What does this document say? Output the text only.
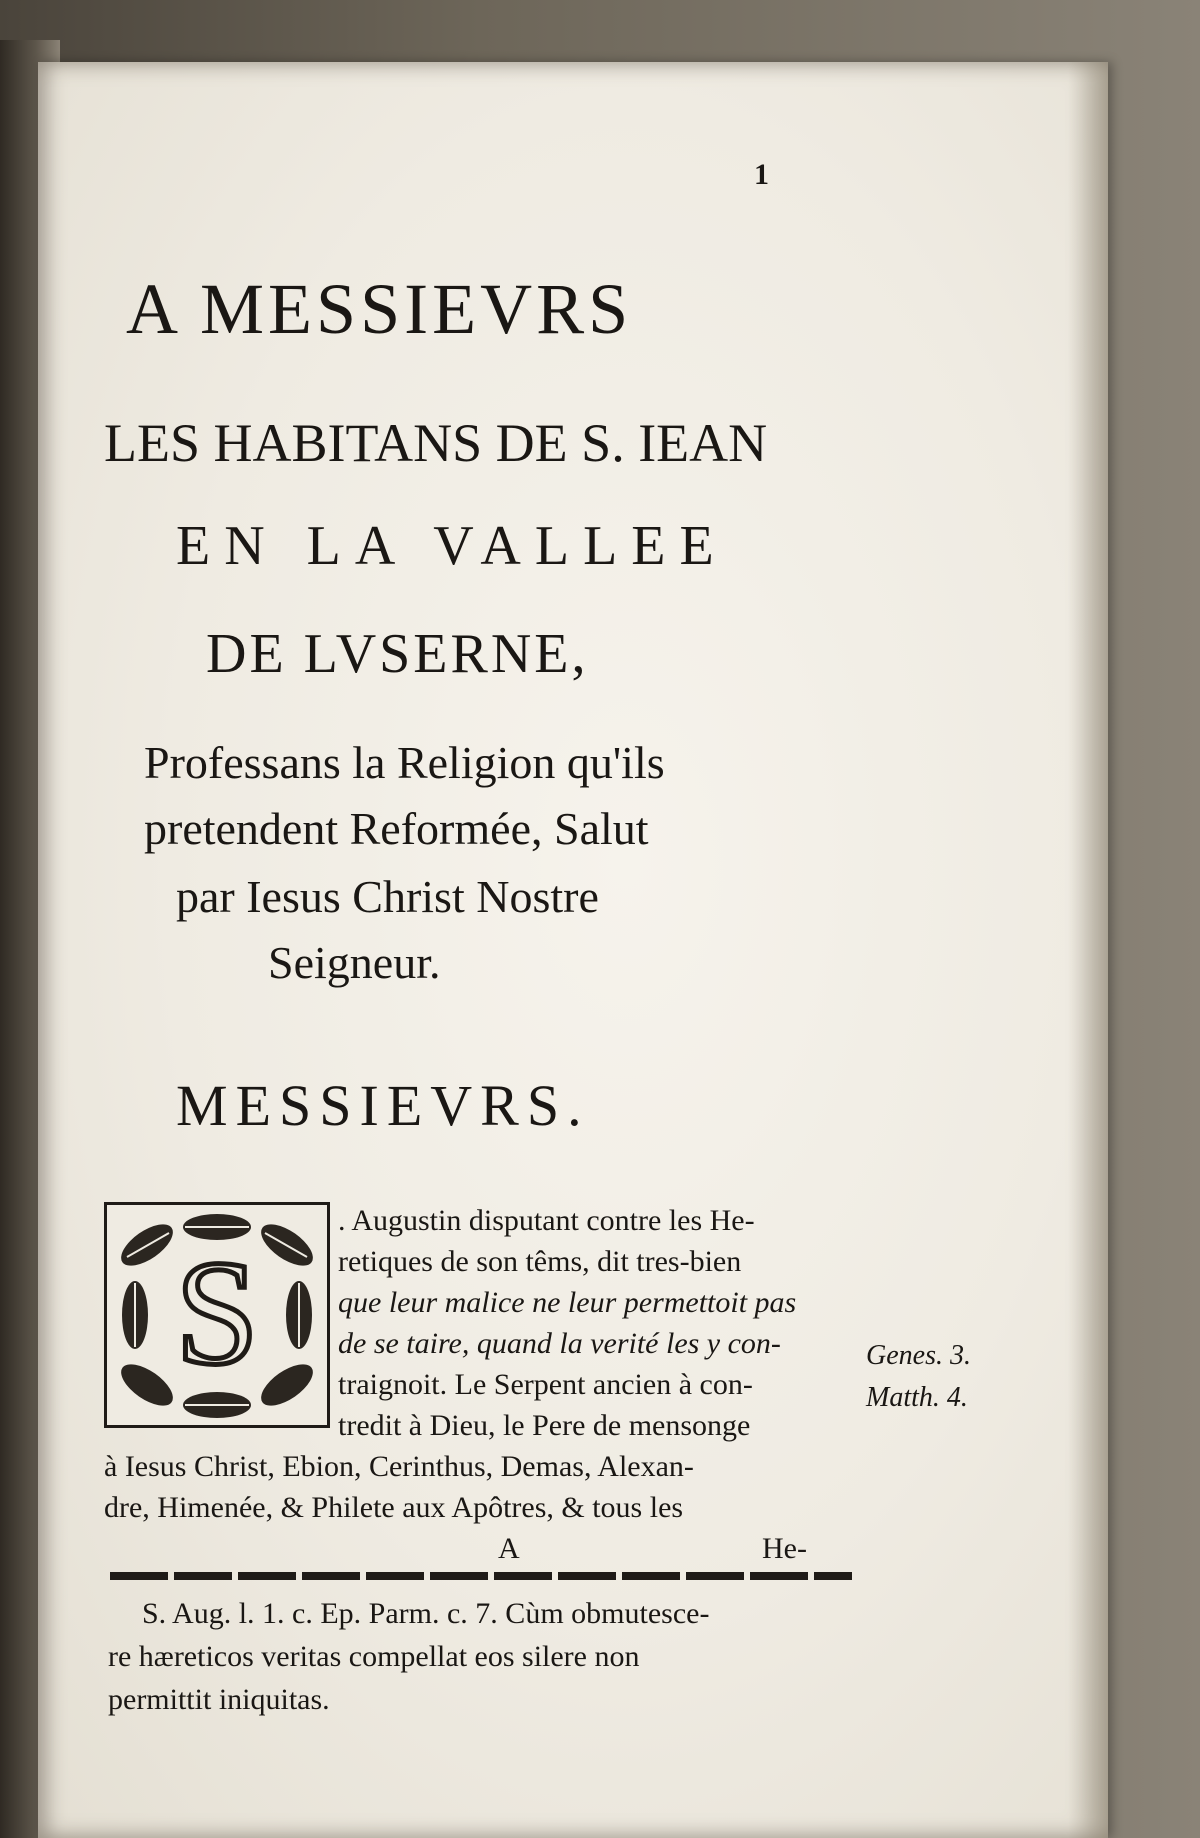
1
A MESSIEVRS
LES HABITANS DE S. IEAN
EN LA VALLEE
DE LVSERNE,
Professans la Religion qu'ils
pretendent Reformée, Salut
par Iesus Christ Nostre
Seigneur.
MESSIEVRS.
S
. Augustin disputant contre les He-
retiques de son têms, dit tres-bien
que leur malice ne leur permettoit pas
de se taire, quand la verité les y con-
traignoit. Le Serpent ancien à con-
tredit à Dieu, le Pere de mensonge
à Iesus Christ, Ebion, Cerinthus, Demas, Alexan-
dre, Himenée, & Philete aux Apôtres, & tous les
A	He-
Genes. 3.
Matth. 4.
S. Aug. l. 1. c. Ep. Parm. c. 7. Cùm obmutesce-
re hæreticos veritas compellat eos silere non
permittit iniquitas.
